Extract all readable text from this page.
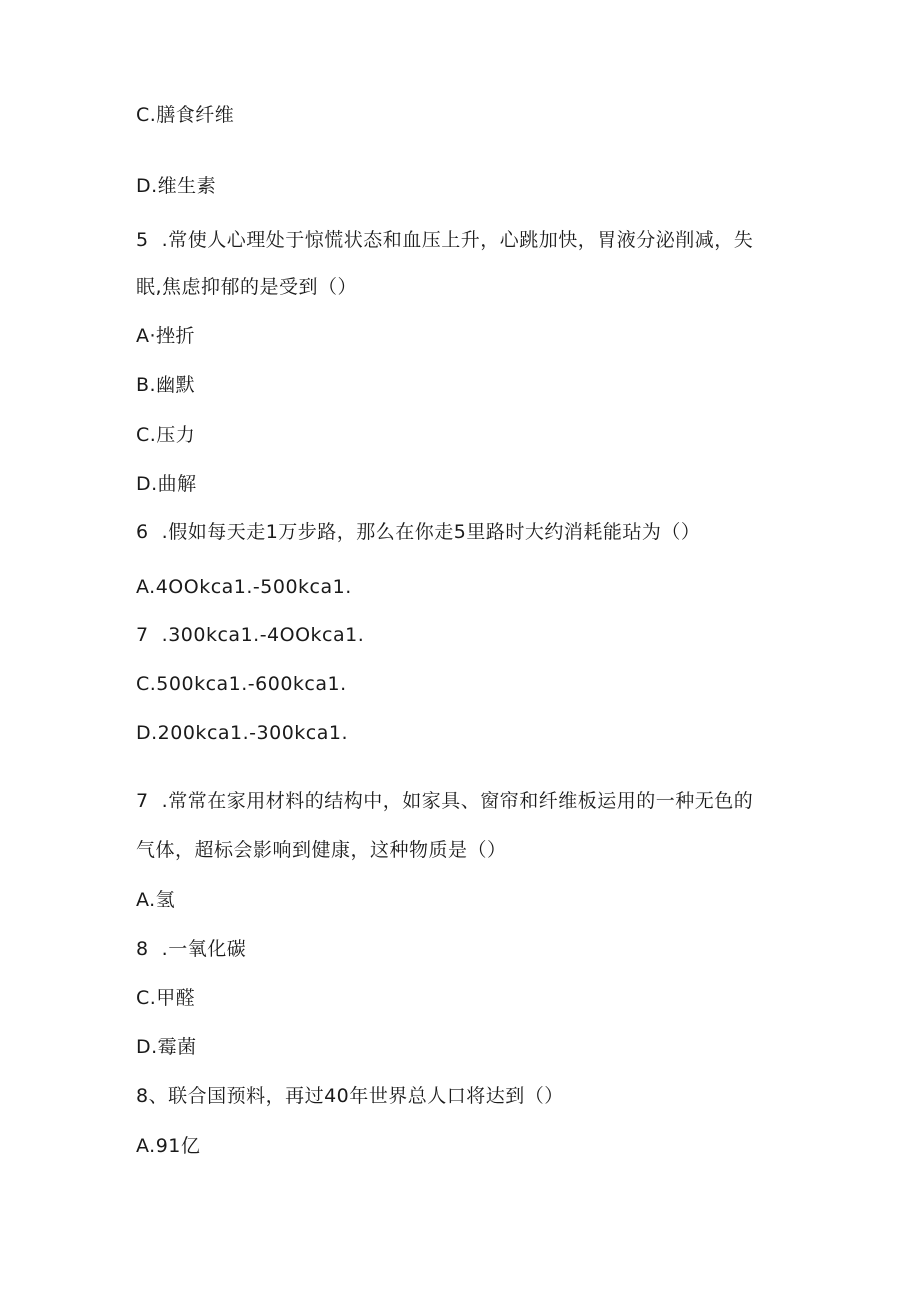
C.膳食纤维
D.维生素
5  .常使人心理处于惊慌状态和血压上升，心跳加快，胃液分泌削减，失
眠,焦虑抑郁的是受到（）
A·挫折
B.幽默
C.压力
D.曲解
6  .假如每天走1万步路，那么在你走5里路时大约消耗能玷为（）
A.4OOkca1.-500kca1.
7  .300kca1.-4OOkca1.
C.500kca1.-600kca1.
D.200kca1.-300kca1.
7  .常常在家用材料的结构中，如家具、窗帘和纤维板运用的一种无色的
气体，超标会影响到健康，这种物质是（）
A.氢
8  .一氧化碳
C.甲醛
D.霉菌
8、联合国预料，再过40年世界总人口将达到（）
A.91亿
